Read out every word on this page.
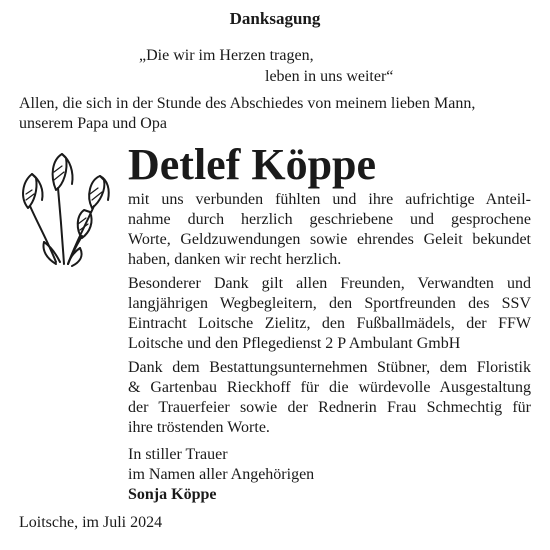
Danksagung
„Die wir im Herzen tragen,
leben in uns weiter“
Allen, die sich in der Stunde des Abschiedes von meinem lieben Mann,
unserem Papa und Opa
Detlef Köppe
mit uns verbunden fühlten und ihre aufrichtige Anteil-
nahme durch herzlich geschriebene und gesprochene
Worte, Geldzuwendungen sowie ehrendes Geleit bekundet
haben, danken wir recht herzlich.
Besonderer Dank gilt allen Freunden, Verwandten und
langjährigen Wegbegleitern, den Sportfreunden des SSV
Eintracht Loitsche Zielitz, den Fußballmädels, der FFW
Loitsche und den Pflegedienst 2 P Ambulant GmbH
Dank dem Bestattungsunternehmen Stübner, dem Floristik
& Gartenbau Rieckhoff für die würdevolle Ausgestaltung
der Trauerfeier sowie der Rednerin Frau Schmechtig für
ihre tröstenden Worte.
In stiller Trauer
im Namen aller Angehörigen
Sonja Köppe
Loitsche, im Juli 2024
